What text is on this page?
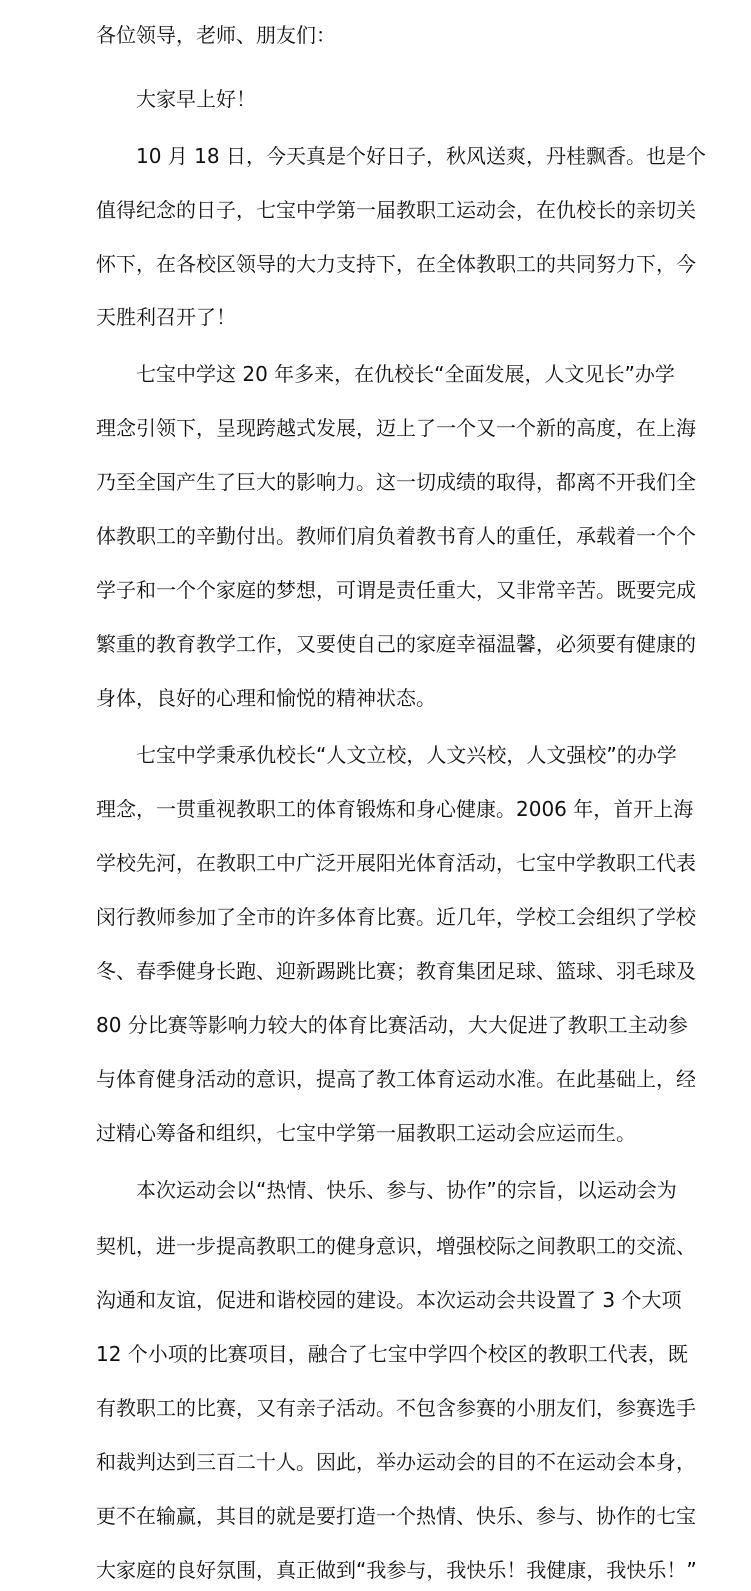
各位领导，老师、朋友们：
大家早上好！
10 月 18 日，今天真是个好日子，秋风送爽，丹桂飘香。也是个
值得纪念的日子，七宝中学第一届教职工运动会，在仇校长的亲切关
怀下，在各校区领导的大力支持下，在全体教职工的共同努力下，今
天胜利召开了！
七宝中学这 20 年多来，在仇校长“全面发展，人文见长”办学
理念引领下，呈现跨越式发展，迈上了一个又一个新的高度，在上海
乃至全国产生了巨大的影响力。这一切成绩的取得，都离不开我们全
体教职工的辛勤付出。教师们肩负着教书育人的重任，承载着一个个
学子和一个个家庭的梦想，可谓是责任重大，又非常辛苦。既要完成
繁重的教育教学工作，又要使自己的家庭幸福温馨，必须要有健康的
身体，良好的心理和愉悦的精神状态。
七宝中学秉承仇校长“人文立校，人文兴校，人文强校”的办学
理念，一贯重视教职工的体育锻炼和身心健康。2006 年，首开上海
学校先河，在教职工中广泛开展阳光体育活动，七宝中学教职工代表
闵行教师参加了全市的许多体育比赛。近几年，学校工会组织了学校
冬、春季健身长跑、迎新踢跳比赛；教育集团足球、篮球、羽毛球及
80 分比赛等影响力较大的体育比赛活动，大大促进了教职工主动参
与体育健身活动的意识，提高了教工体育运动水准。在此基础上，经
过精心筹备和组织，七宝中学第一届教职工运动会应运而生。
本次运动会以“热情、快乐、参与、协作”的宗旨，以运动会为
契机，进一步提高教职工的健身意识，增强校际之间教职工的交流、
沟通和友谊，促进和谐校园的建设。本次运动会共设置了 3 个大项
12 个小项的比赛项目，融合了七宝中学四个校区的教职工代表，既
有教职工的比赛，又有亲子活动。不包含参赛的小朋友们，参赛选手
和裁判达到三百二十人。因此，举办运动会的目的不在运动会本身，
更不在输赢，其目的就是要打造一个热情、快乐、参与、协作的七宝
大家庭的良好氛围，真正做到“我参与，我快乐！我健康，我快乐！”
